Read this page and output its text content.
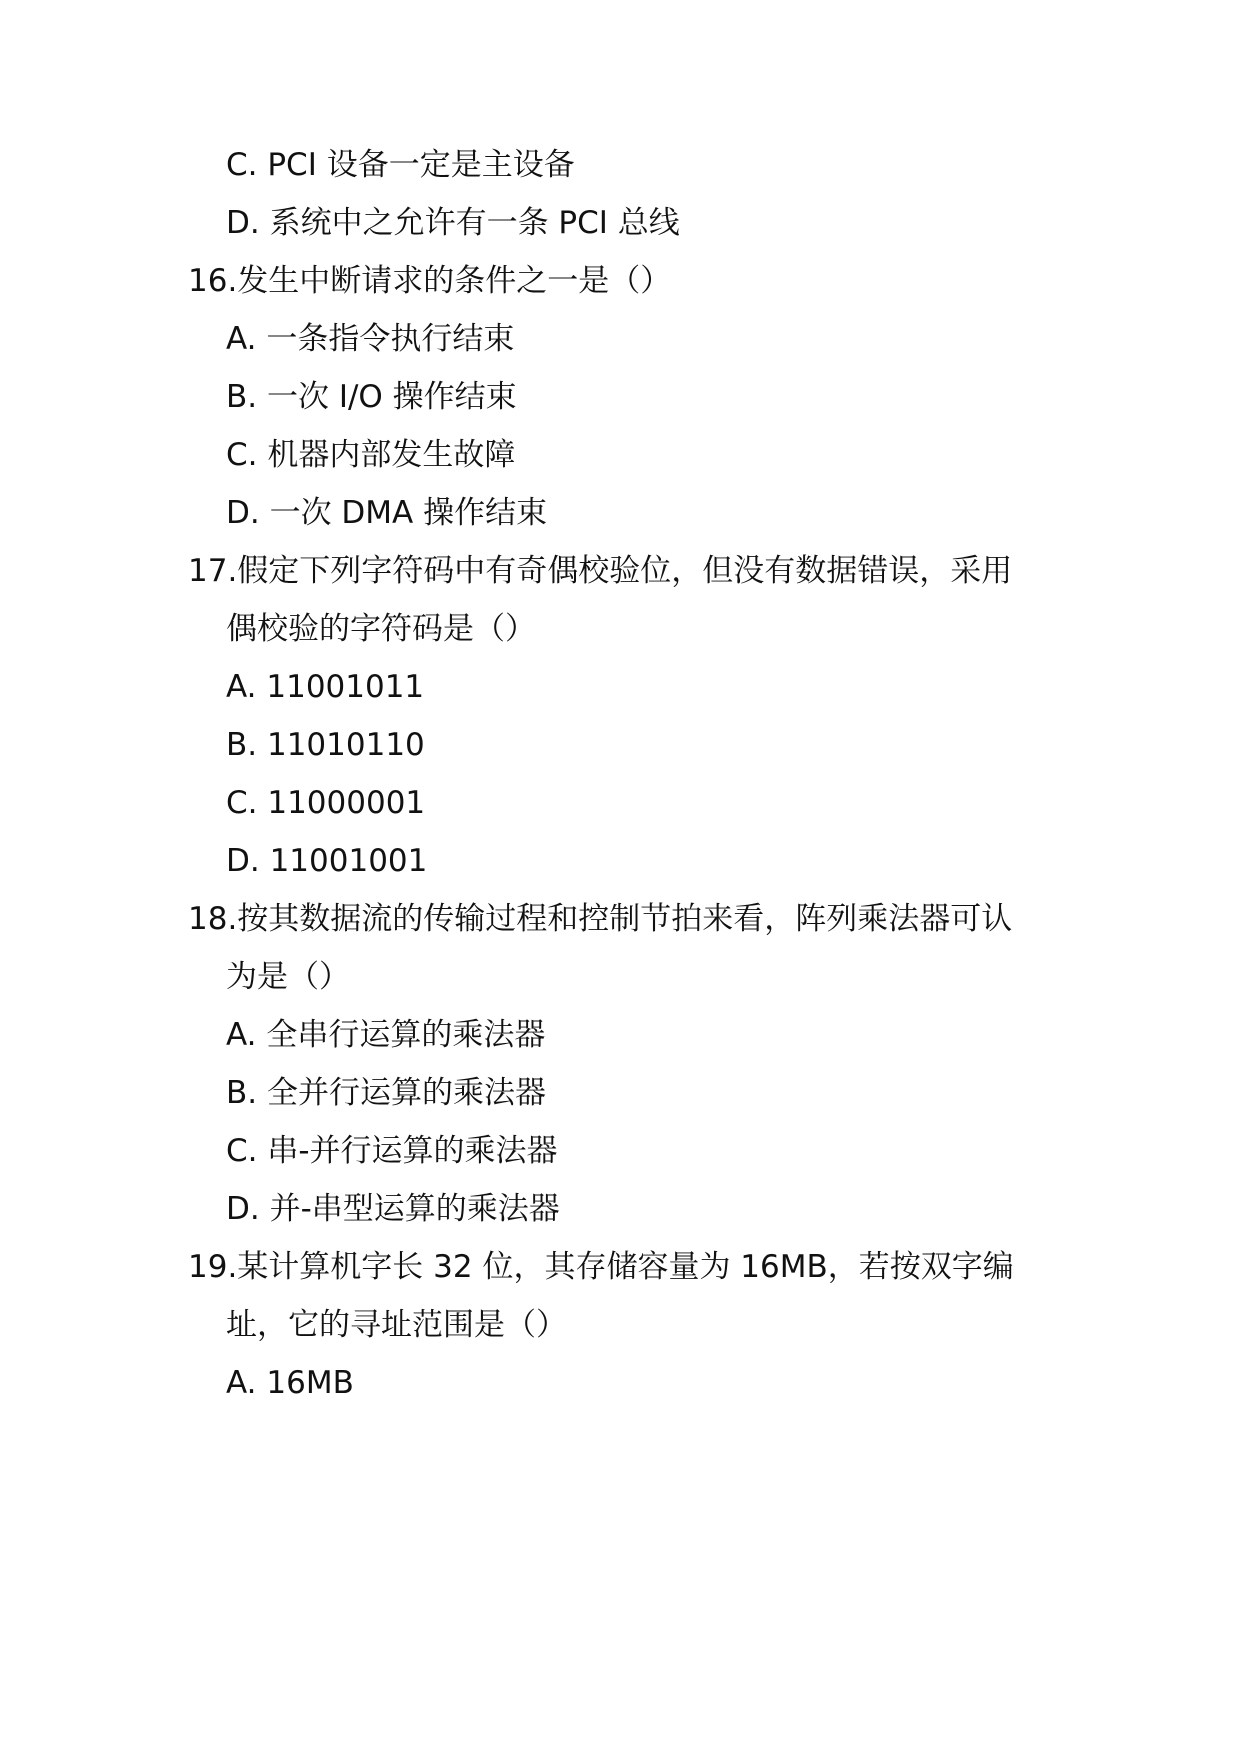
C. PCI 设备一定是主设备
D. 系统中之允许有一条 PCI 总线
16.发生中断请求的条件之一是（）
A. 一条指令执行结束
B. 一次 I/O 操作结束
C. 机器内部发生故障
D. 一次 DMA 操作结束
17.假定下列字符码中有奇偶校验位，但没有数据错误，采用
偶校验的字符码是（）
A. 11001011
B. 11010110
C. 11000001
D. 11001001
18.按其数据流的传输过程和控制节拍来看，阵列乘法器可认
为是（）
A. 全串行运算的乘法器
B. 全并行运算的乘法器
C. 串-并行运算的乘法器
D. 并-串型运算的乘法器
19.某计算机字长 32 位，其存储容量为 16MB，若按双字编
址，它的寻址范围是（）
A. 16MB
